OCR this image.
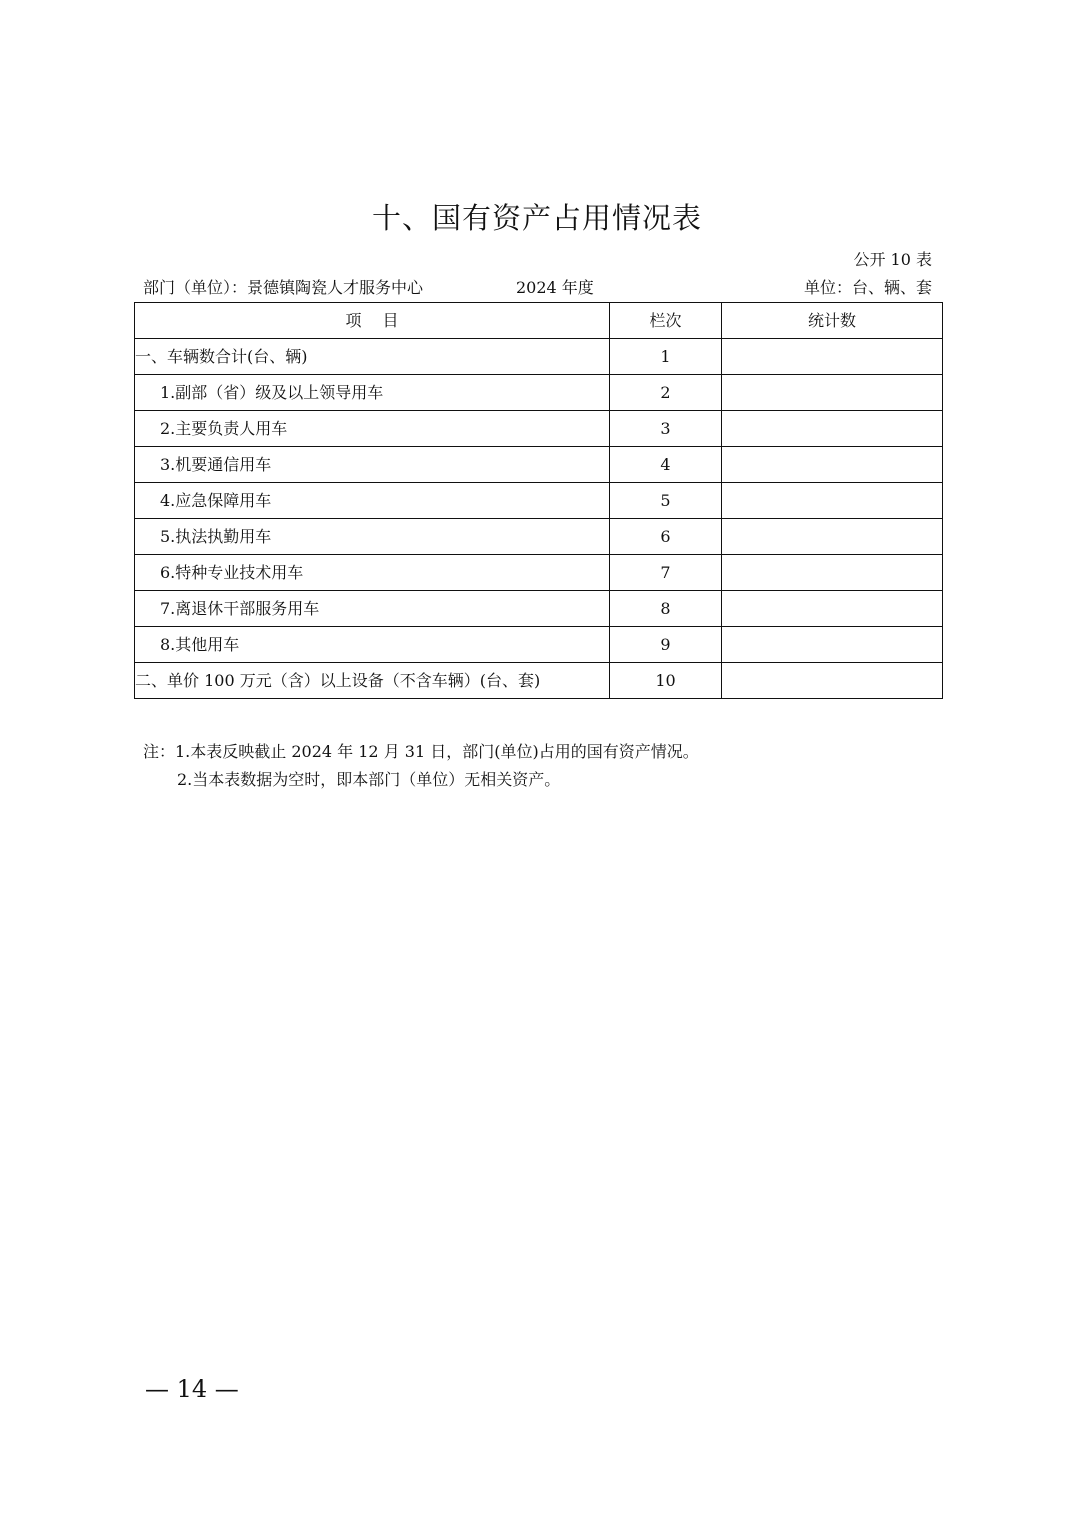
十、国有资产占用情况表
公开 10 表
部门（单位）：景德镇陶瓷人才服务中心	2024 年度	单位：台、辆、套
项　 目	栏次	统计数
一、车辆数合计(台、辆)	1	
1.副部（省）级及以上领导用车	2	
2.主要负责人用车	3	
3.机要通信用车	4	
4.应急保障用车	5	
5.执法执勤用车	6	
6.特种专业技术用车	7	
7.离退休干部服务用车	8	
8.其他用车	9	
二、单价 100 万元（含）以上设备（不含车辆）(台、套)	10	
注：1.本表反映截止 2024 年 12 月 31 日，部门(单位)占用的国有资产情况。
2.当本表数据为空时，即本部门（单位）无相关资产。
— 14 —
